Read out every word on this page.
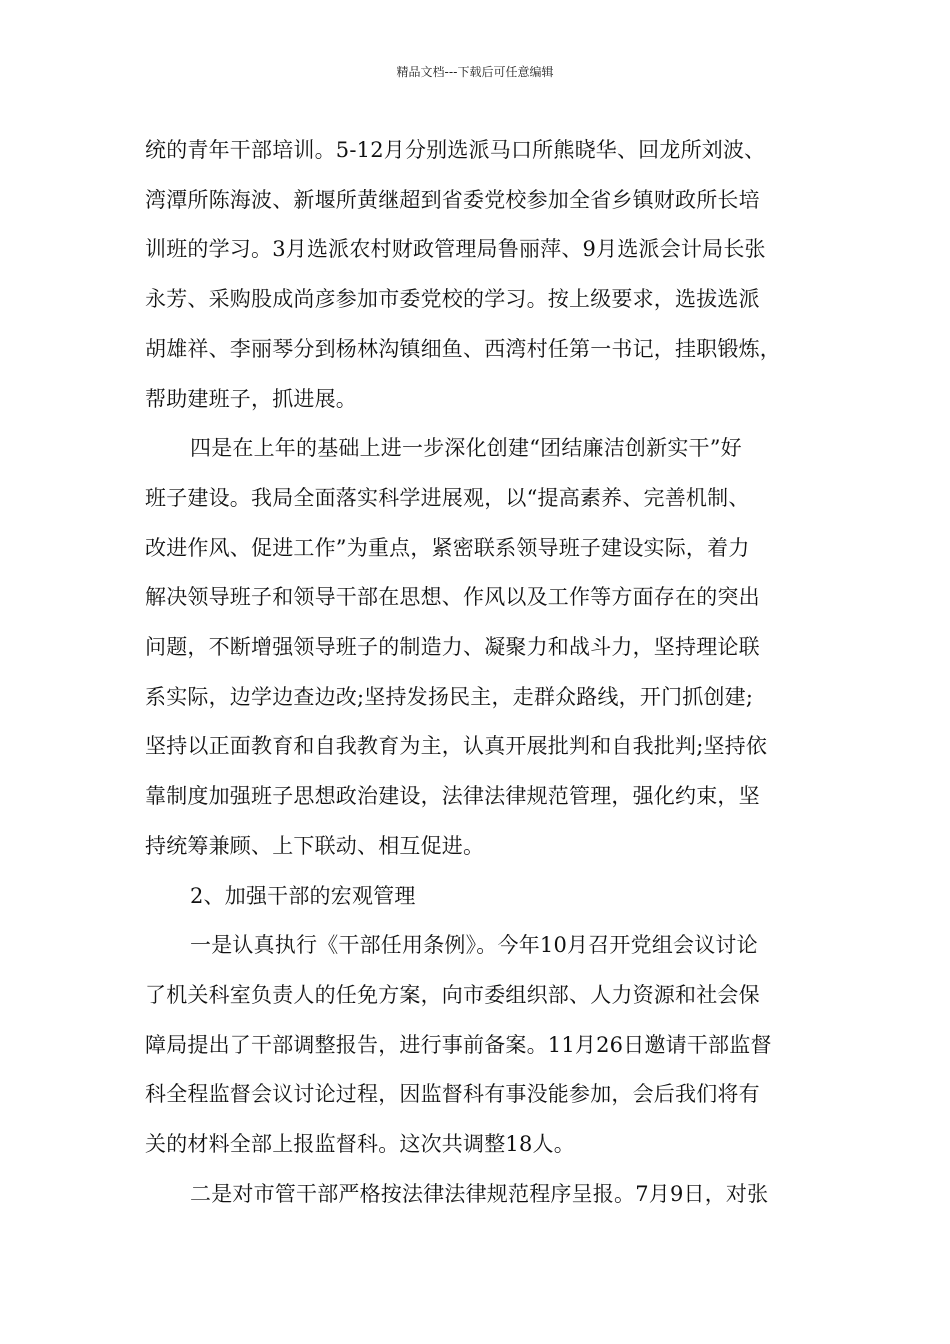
精品文档---下载后可任意编辑
统的青年干部培训。5-12月分别选派马口所熊晓华、回龙所刘波、
湾潭所陈海波、新堰所黄继超到省委党校参加全省乡镇财政所长培
训班的学习。3月选派农村财政管理局鲁丽萍、9月选派会计局长张
永芳、采购股成尚彦参加市委党校的学习。按上级要求，选拔选派
胡雄祥、李丽琴分到杨林沟镇细鱼、西湾村任第一书记，挂职锻炼，
帮助建班子，抓进展。
四是在上年的基础上进一步深化创建“团结廉洁创新实干”好
班子建设。我局全面落实科学进展观，以“提高素养、完善机制、
改进作风、促进工作”为重点，紧密联系领导班子建设实际，着力
解决领导班子和领导干部在思想、作风以及工作等方面存在的突出
问题，不断增强领导班子的制造力、凝聚力和战斗力，坚持理论联
系实际，边学边查边改;坚持发扬民主，走群众路线，开门抓创建;
坚持以正面教育和自我教育为主，认真开展批判和自我批判;坚持依
靠制度加强班子思想政治建设，法律法律规范管理，强化约束，坚
持统筹兼顾、上下联动、相互促进。
2、加强干部的宏观管理
一是认真执行《干部任用条例》。今年10月召开党组会议讨论
了机关科室负责人的任免方案，向市委组织部、人力资源和社会保
障局提出了干部调整报告，进行事前备案。11月26日邀请干部监督
科全程监督会议讨论过程，因监督科有事没能参加，会后我们将有
关的材料全部上报监督科。这次共调整18人。
二是对市管干部严格按法律法律规范程序呈报。7月9日，对张
